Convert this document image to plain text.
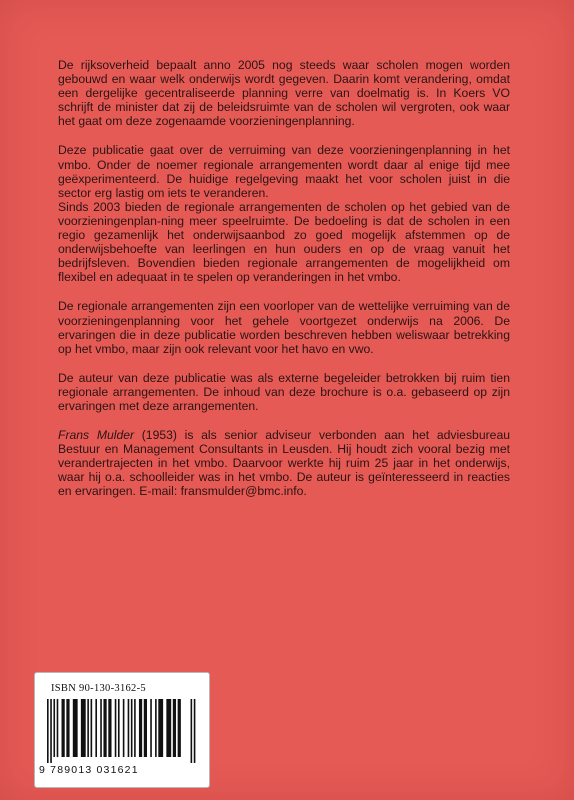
De rijksoverheid bepaalt anno 2005 nog steeds waar scholen mogen worden gebouwd en waar welk onderwijs wordt gegeven. Daarin komt verandering, omdat een dergelijke gecentraliseerde planning verre van doelmatig is. In Koers VO schrijft de minister dat zij de beleidsruimte van de scholen wil vergroten, ook waar het gaat om deze zogenaamde voorzieningenplanning.

Deze publicatie gaat over de verruiming van deze voorzieningenplanning in het vmbo. Onder de noemer regionale arrangementen wordt daar al enige tijd mee geëxperimenteerd. De huidige regelgeving maakt het voor scholen juist in die sector erg lastig om iets te veranderen.

Sinds 2003 bieden de regionale arrangementen de scholen op het gebied van de voorzieningenplan-ning meer speelruimte. De bedoeling is dat de scholen in een regio gezamenlijk het onderwijsaanbod zo goed mogelijk afstemmen op de onderwijsbehoefte van leerlingen en hun ouders en op de vraag vanuit het bedrijfsleven. Bovendien bieden regionale arrangementen de mogelijkheid om flexibel en adequaat in te spelen op veranderingen in het vmbo.

De regionale arrangementen zijn een voorloper van de wettelijke verruiming van de voorzieningenplanning voor het gehele voortgezet onderwijs na 2006. De ervaringen die in deze publicatie worden beschreven hebben weliswaar betrekking op het vmbo, maar zijn ook relevant voor het havo en vwo.

De auteur van deze publicatie was als externe begeleider betrokken bij ruim tien regionale arrangementen. De inhoud van deze brochure is o.a. gebaseerd op zijn ervaringen met deze arrangementen.

Frans Mulder (1953) is als senior adviseur verbonden aan het adviesbureau Bestuur en Management Consultants in Leusden. Hij houdt zich vooral bezig met verandertrajecten in het vmbo. Daarvoor werkte hij ruim 25 jaar in het onderwijs, waar hij o.a. schoolleider was in het vmbo. De auteur is geïnteresseerd in reacties en ervaringen. E-mail: fransmulder@bmc.info.

ISBN 90-130-3162-5
9 789013 031621
